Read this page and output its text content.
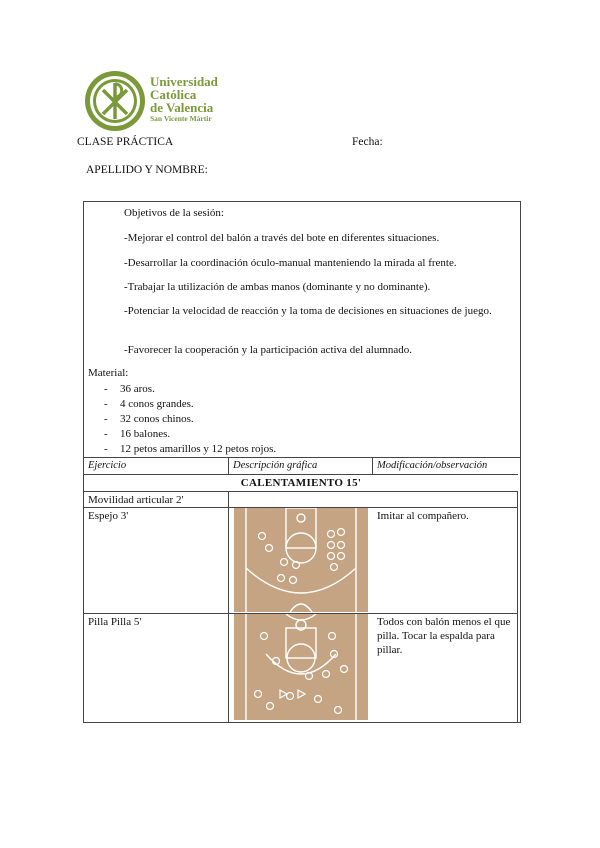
Universidad
Católica
de Valencia
San Vicente Mártir
CLASE PRÁCTICA	Fecha:
APELLIDO Y NOMBRE:
Objetivos de la sesión:
-Mejorar el control del balón a través del bote en diferentes situaciones.
-Desarrollar la coordinación óculo-manual manteniendo la mirada al frente.
-Trabajar la utilización de ambas manos (dominante y no dominante).
-Potenciar la velocidad de reacción y la toma de decisiones en situaciones de juego.
-Favorecer la cooperación y la participación activa del alumnado.
Material:
- 36 aros.
- 4 conos grandes.
- 32 conos chinos.
- 16 balones.
- 12 petos amarillos y 12 petos rojos.
Ejercicio	Descripción gráfica	Modificación/observación
CALENTAMIENTO 15'
Movilidad articular 2'
Espejo 3'	Imitar al compañero.
Pilla Pilla 5'	Todos con balón menos el que pilla. Tocar la espalda para pillar.
